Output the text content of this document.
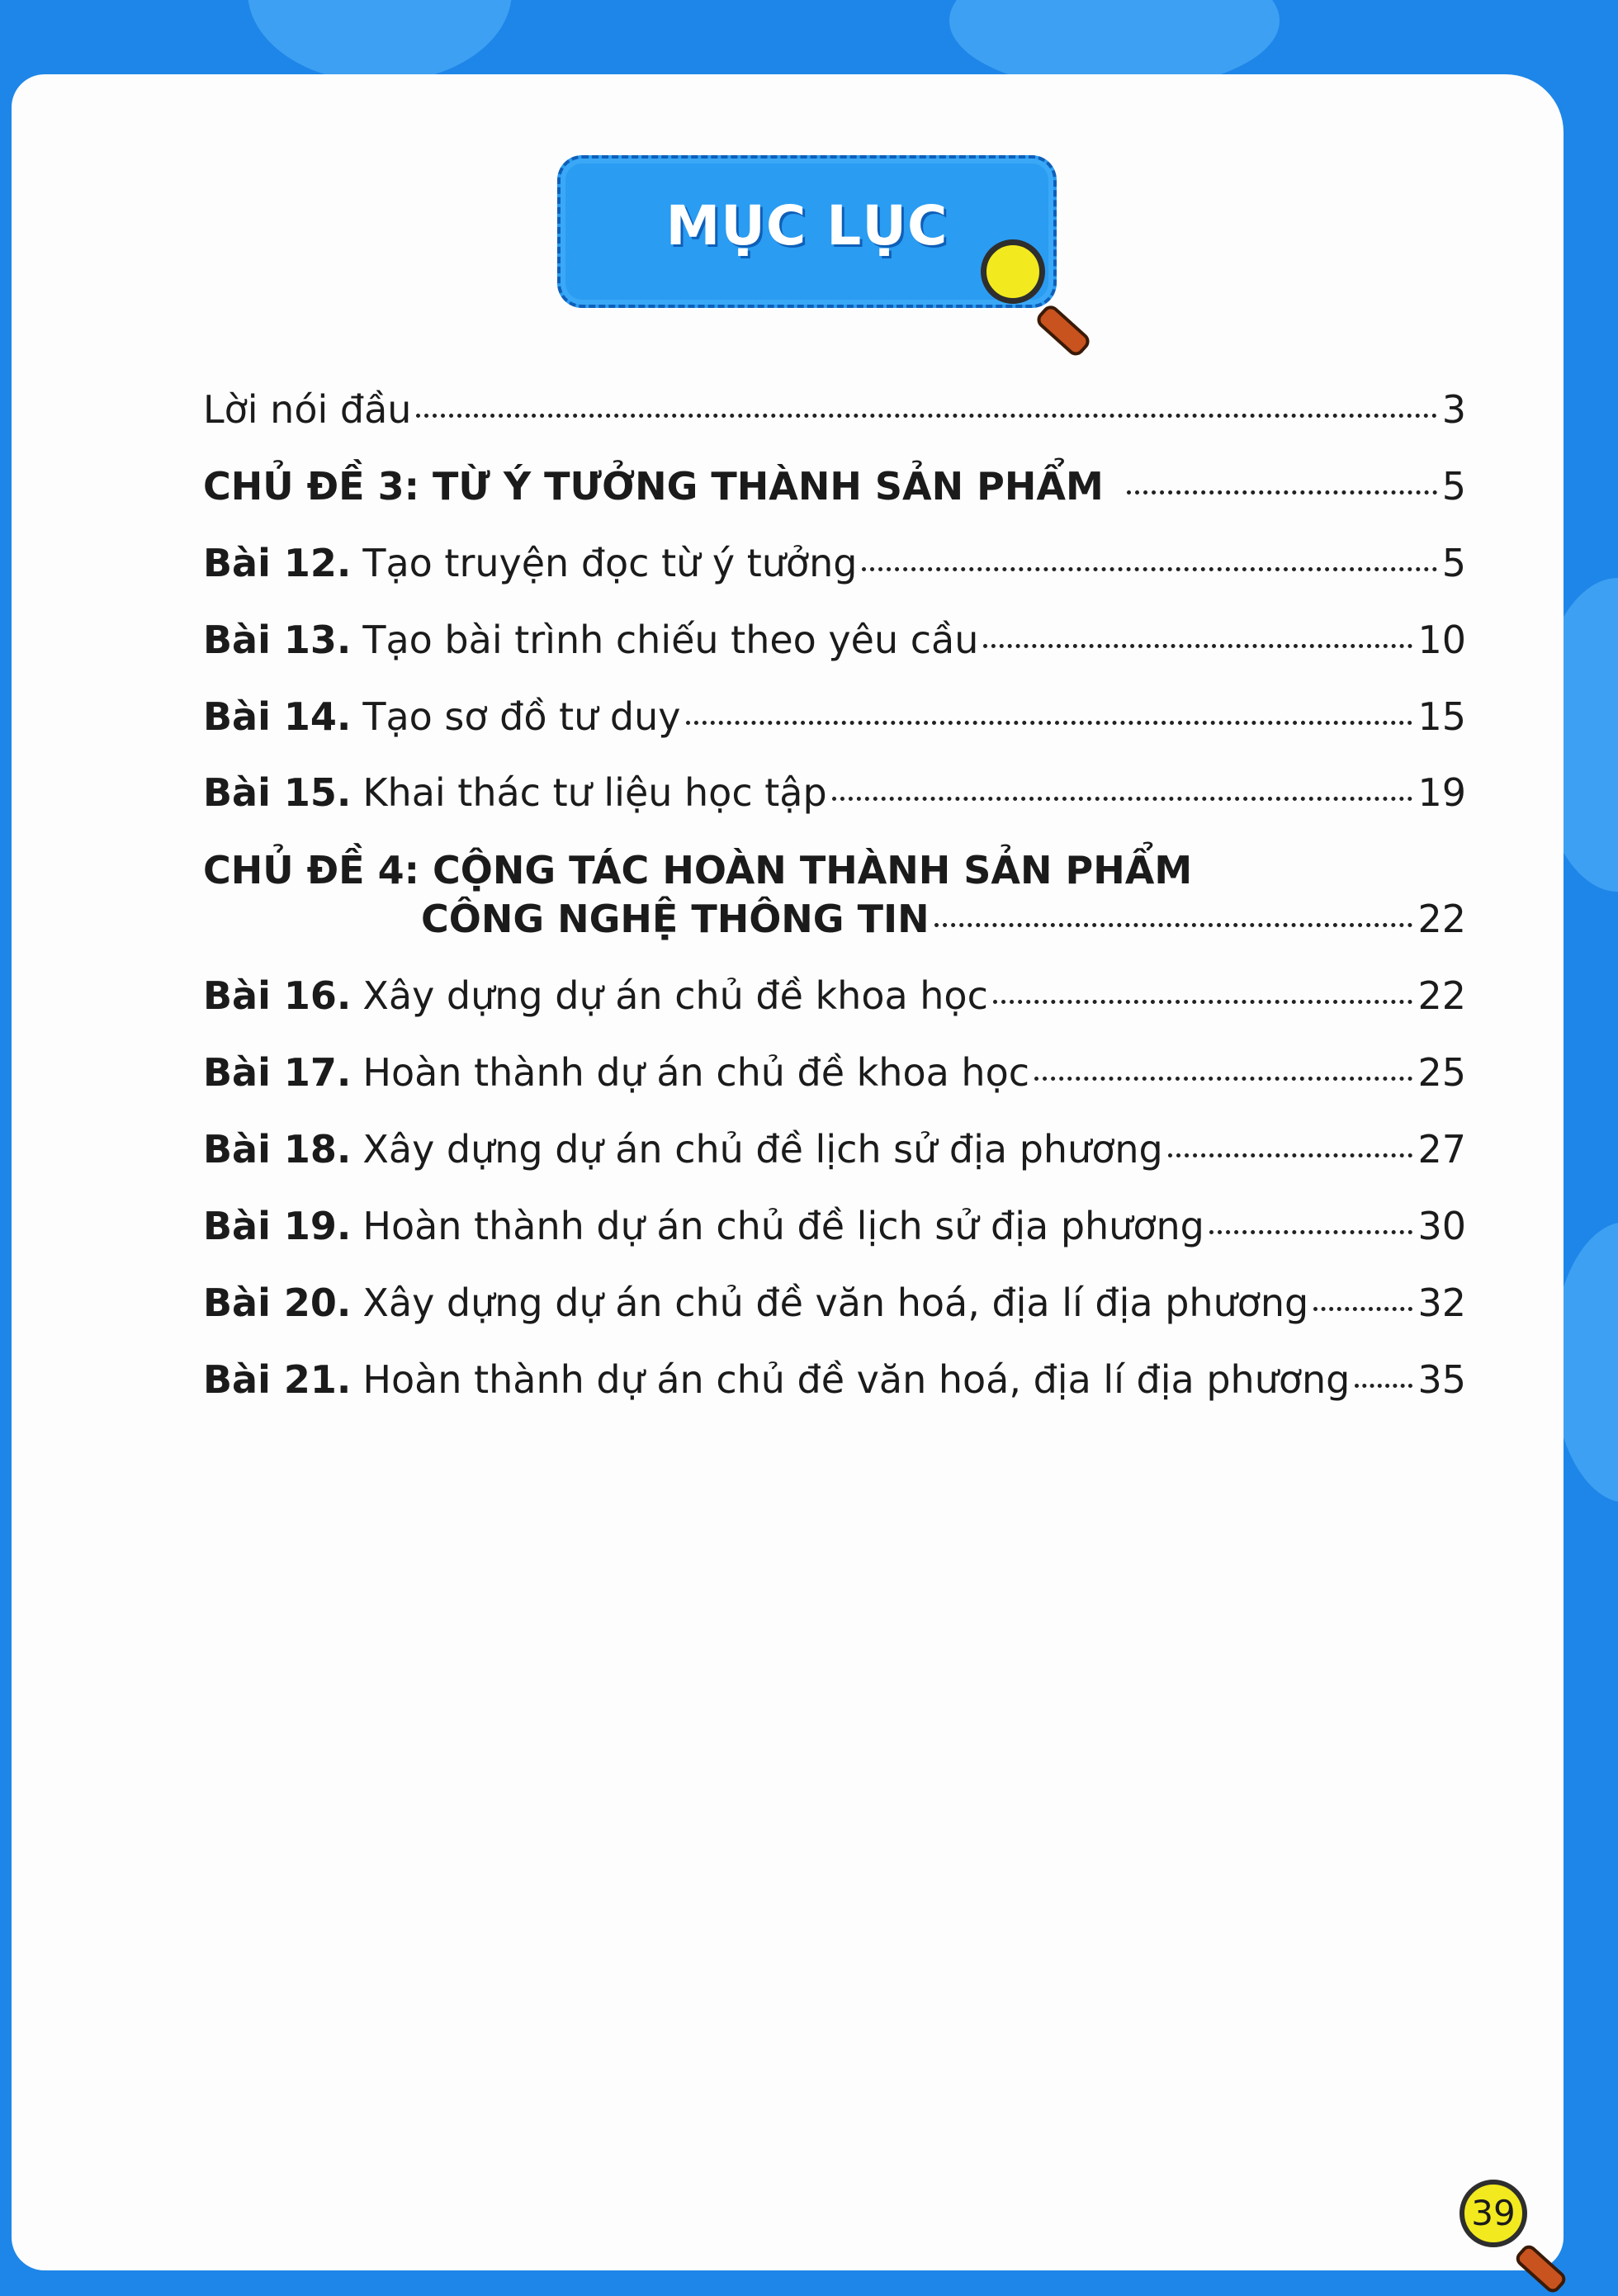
MỤC LỤC
Lời nói đầu	3
CHỦ ĐỀ 3: TỪ Ý TƯỞNG THÀNH SẢN PHẨM	5
Bài 12. Tạo truyện đọc từ ý tưởng	5
Bài 13. Tạo bài trình chiếu theo yêu cầu	10
Bài 14. Tạo sơ đồ tư duy	15
Bài 15. Khai thác tư liệu học tập	19
CHỦ ĐỀ 4: CỘNG TÁC HOÀN THÀNH SẢN PHẨM
CÔNG NGHỆ THÔNG TIN	22
Bài 16. Xây dựng dự án chủ đề khoa học	22
Bài 17. Hoàn thành dự án chủ đề khoa học	25
Bài 18. Xây dựng dự án chủ đề lịch sử địa phương	27
Bài 19. Hoàn thành dự án chủ đề lịch sử địa phương	30
Bài 20. Xây dựng dự án chủ đề văn hoá, địa lí địa phương	32
Bài 21. Hoàn thành dự án chủ đề văn hoá, địa lí địa phương 35
39
